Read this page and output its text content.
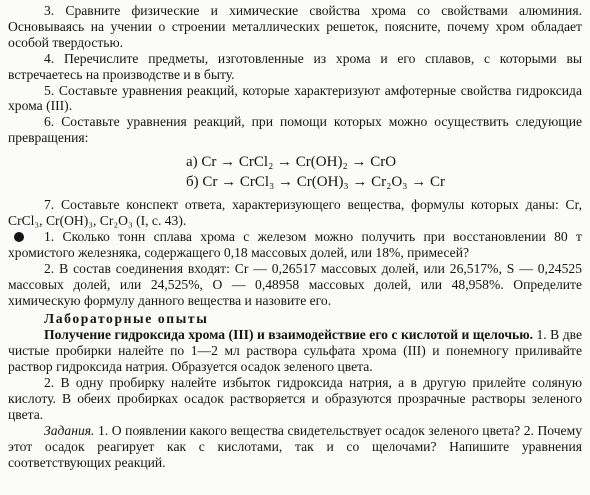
3. Сравните физические и химические свойства хрома со свойствами алюминия. Основываясь на учении о строении металлических решеток, поясните, почему хром обладает особой твердостью.

4. Перечислите предметы, изготовленные из хрома и его сплавов, с которыми вы встречаетесь на производстве и в быту.

5. Составьте уравнения реакций, которые характеризуют амфотерные свойства гидроксида хрома (III).

6. Составьте уравнения реакций, при помощи которых можно осуществить следующие превращения:

а) Cr → CrCl₂ → Cr(OH)₂ → CrO
б) Cr → CrCl₃ → Cr(OH)₃ → Cr₂O₃ → Cr

7. Составьте конспект ответа, характеризующего вещества, формулы которых даны: Cr, CrCl₃, Cr(OH)₃, Cr₂O₃ (I, с. 43).

1. Сколько тонн сплава хрома с железом можно получить при восстановлении 80 т хромистого железняка, содержащего 0,18 массовых долей, или 18%, примесей?

2. В состав соединения входят: Cr — 0,26517 массовых долей, или 26,517%, S — 0,24525 массовых долей, или 24,525%, O — 0,48958 массовых долей, или 48,958%. Определите химическую формулу данного вещества и назовите его.

Лабораторные опыты

Получение гидроксида хрома (III) и взаимодействие его с кислотой и щелочью. 1. В две чистые пробирки налейте по 1—2 мл раствора сульфата хрома (III) и понемногу приливайте раствор гидроксида натрия. Образуется осадок зеленого цвета.

2. В одну пробирку налейте избыток гидроксида натрия, а в другую прилейте соляную кислоту. В обеих пробирках осадок растворяется и образуются прозрачные растворы зеленого цвета.

Задания. 1. О появлении какого вещества свидетельствует осадок зеленого цвета? 2. Почему этот осадок реагирует как с кислотами, так и со щелочами? Напишите уравнения соответствующих реакций.
